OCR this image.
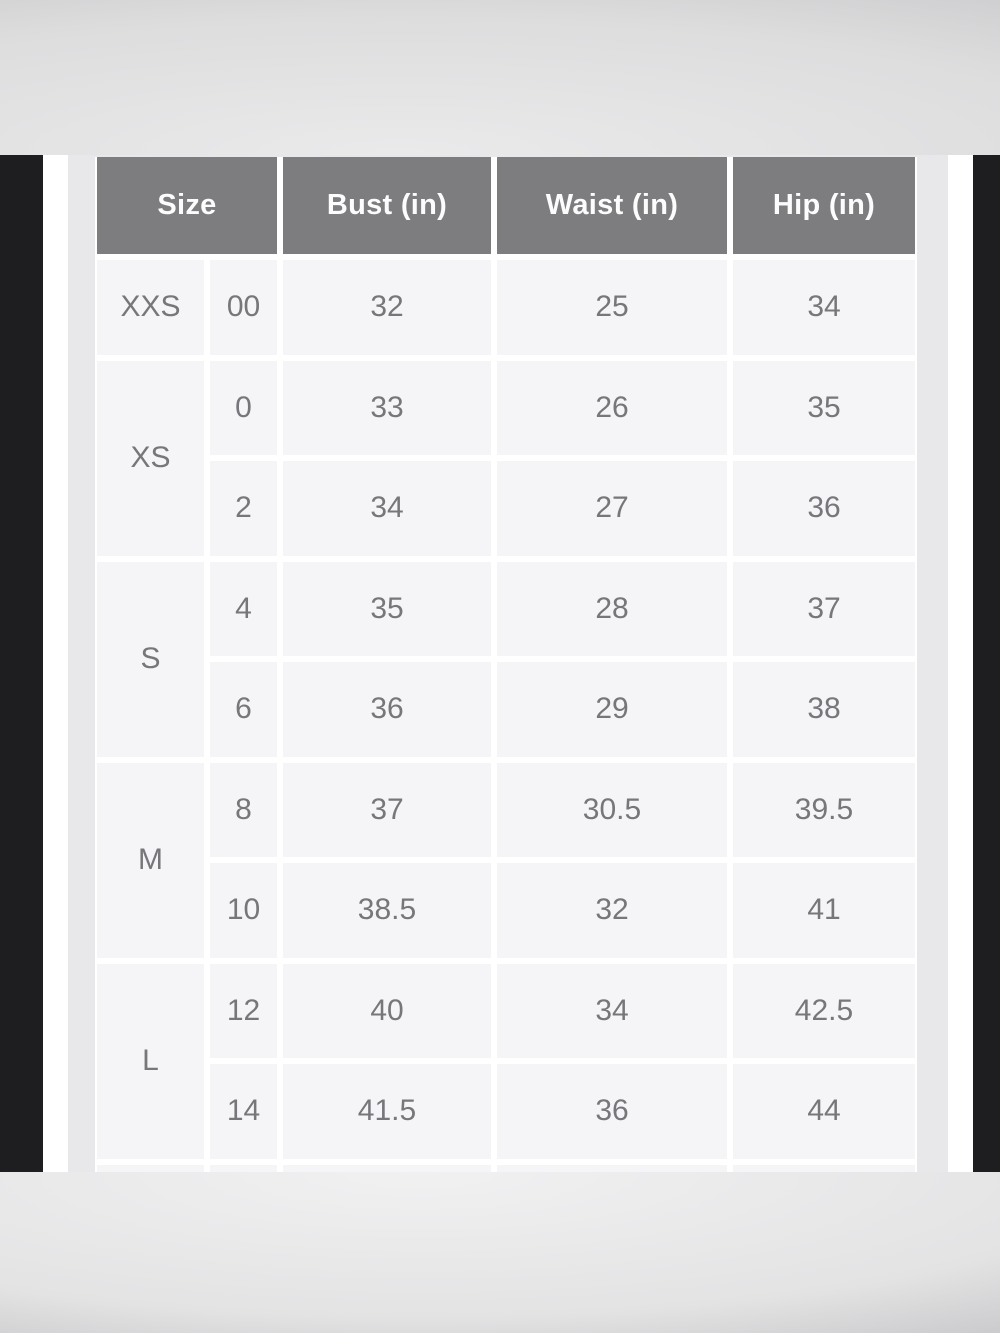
Size	Bust (in)	Waist (in)	Hip (in)
XXS	00	32	25	34
XS
0	33	26	35
2	34	27	36
S
4	35	28	37
6	36	29	38
M
8	37	30.5	39.5
10	38.5	32	41
L
12	40	34	42.5
14	41.5	36	44
